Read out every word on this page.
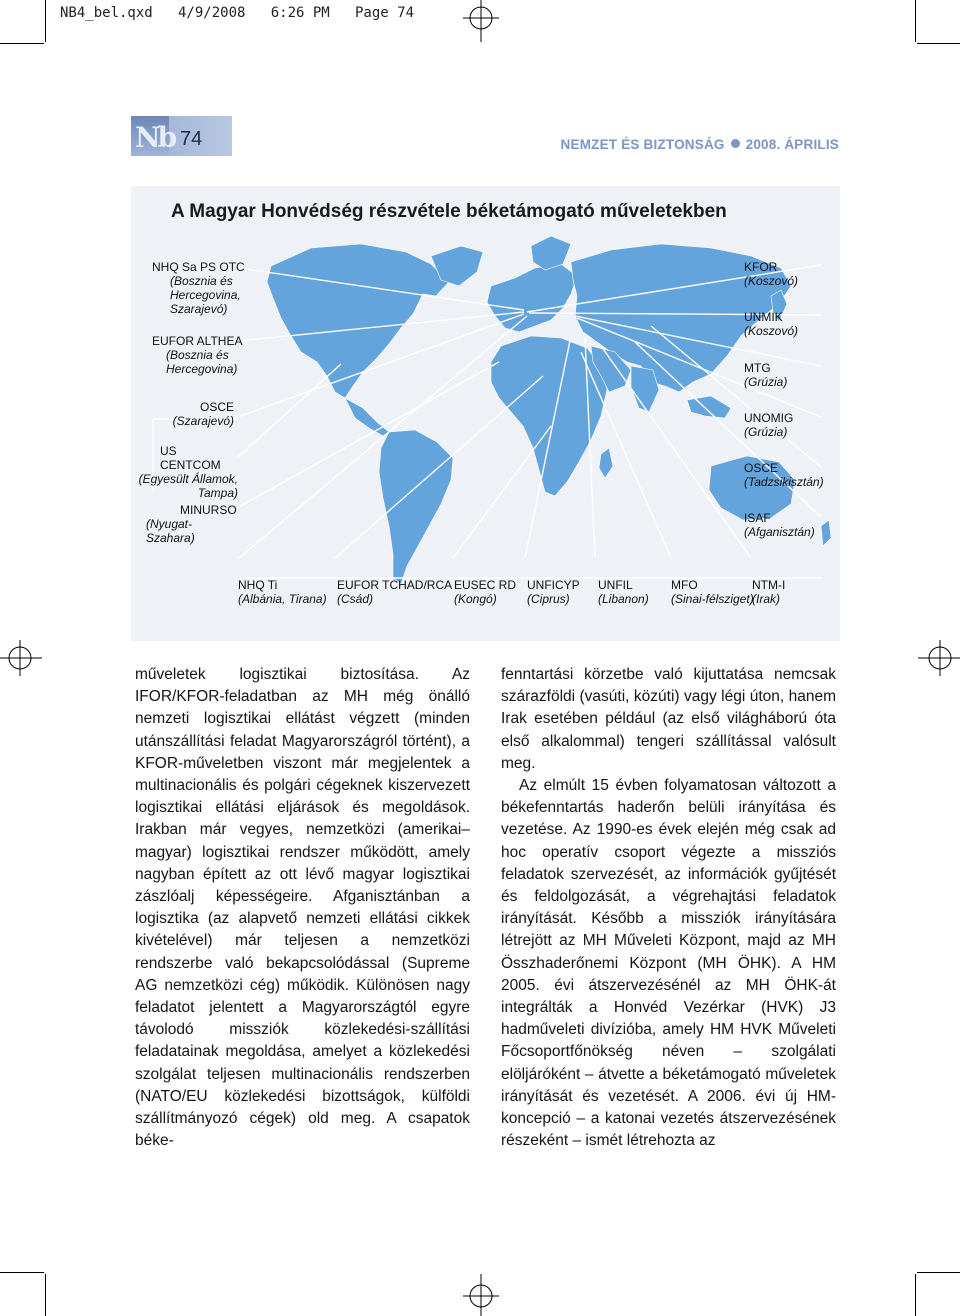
NB4_bel.qxd   4/9/2008   6:26 PM   Page 74
Nb 74	NEMZET ÉS BIZTONSÁG 2008. ÁPRILIS
A Magyar Honvédség részvétele béketámogató műveletekben
NHQ Sa PS OTC
(Bosznia és Hercegovina, Szarajevó)
EUFOR ALTHEA
(Bosznia és Hercegovina)
OSCE
(Szarajevó)
US CENTCOM
(Egyesült Államok, Tampa)
MINURSO
(Nyugat-Szahara)
KFOR
(Koszovó)
UNMIK
(Koszovó)
MTG
(Grúzia)
UNOMIG
(Grúzia)
OSCE
(Tadzsikisztán)
ISAF
(Afganisztán)
NHQ Ti
(Albánia, Tirana)
EUFOR TCHAD/RCA
(Csád)
EUSEC RD
(Kongó)
UNFICYP
(Ciprus)
UNFIL
(Libanon)
MFO
(Sinai-félsziget)
NTM-I
(Irak)

műveletek logisztikai biztosítása. Az IFOR/KFOR-feladatban az MH még önálló nemzeti logisztikai ellátást végzett (minden utánszállítási feladat Magyarországról történt), a KFOR-műveletben viszont már megjelentek a multinacionális és polgári cégeknek kiszervezett logisztikai ellátási eljárások és megoldások. Irakban már vegyes, nemzetközi (amerikai–magyar) logisztikai rendszer működött, amely nagyban épített az ott lévő magyar logisztikai zászlóalj képességeire. Afganisztánban a logisztika (az alapvető nemzeti ellátási cikkek kivételével) már teljesen a nemzetközi rendszerbe való bekapcsolódással (Supreme AG nemzetközi cég) működik. Különösen nagy feladatot jelentett a Magyarországtól egyre távolodó missziók közlekedési-szállítási feladatainak megoldása, amelyet a közlekedési szolgálat teljesen multinacionális rendszerben (NATO/EU közlekedési bizottságok, külföldi szállítmányozó cégek) old meg. A csapatok béke-

fenntartási körzetbe való kijuttatása nemcsak szárazföldi (vasúti, közúti) vagy légi úton, hanem Irak esetében például (az első világháború óta első alkalommal) tengeri szállítással valósult meg.

Az elmúlt 15 évben folyamatosan változott a békefenntartás haderőn belüli irányítása és vezetése. Az 1990-es évek elején még csak ad hoc operatív csoport végezte a missziós feladatok szervezését, az információk gyűjtését és feldolgozását, a végrehajtási feladatok irányítását. Később a missziók irányítására létrejött az MH Műveleti Központ, majd az MH Összhaderőnemi Központ (MH ÖHK). A HM 2005. évi átszervezésénél az MH ÖHK-át integrálták a Honvéd Vezérkar (HVK) J3 hadműveleti divízióba, amely HM HVK Műveleti Főcsoportfőnökség néven – szolgálati elöljáróként – átvette a béketámogató műveletek irányítását és vezetését. A 2006. évi új HM-koncepció – a katonai vezetés átszervezésének részeként – ismét létrehozta az
